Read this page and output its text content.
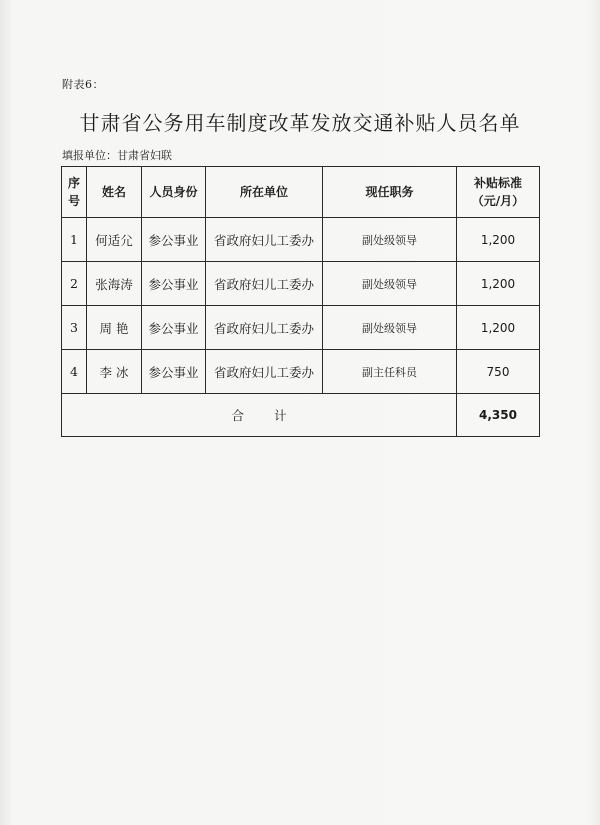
附表6：
甘肃省公务用车制度改革发放交通补贴人员名单
填报单位：甘肃省妇联
序
号	姓名	人员身份	所在单位	现任职务	补贴标准
（元/月）
1	何适尣	参公事业	省政府妇儿工委办	副处级领导	1,200
2	张海涛	参公事业	省政府妇儿工委办	副处级领导	1,200
3	周 艳	参公事业	省政府妇儿工委办	副处级领导	1,200
4	李 冰	参公事业	省政府妇儿工委办	副主任科员	750
合计					4,350
